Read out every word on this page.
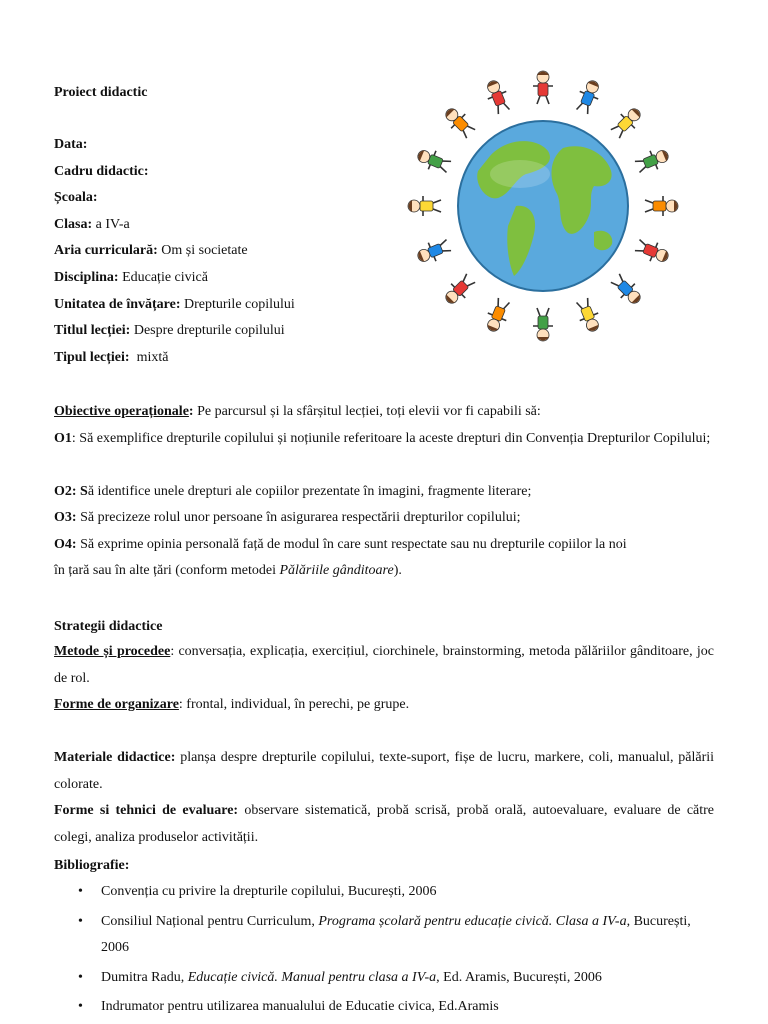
Proiect didactic
Data:
Cadru didactic:
Școala:
Clasa: a IV-a
Aria curriculară: Om și societate
Disciplina: Educație civică
Unitatea de învățare: Drepturile copilului
Titlul lecției: Despre drepturile copilului
Tipul lecției: mixtă
Obiective operaționale: Pe parcursul și la sfârșitul lecției, toți elevii vor fi capabili să:
O1: Să exemplifice drepturile copilului și noțiunile referitoare la aceste drepturi din Convenția Drepturilor Copilului;
O2: Să identifice unele drepturi ale copiilor prezentate în imagini, fragmente literare;
O3: Să precizeze rolul unor persoane în asigurarea respectării drepturilor copilului;
O4: Să exprime opinia personală față de modul în care sunt respectate sau nu drepturile copiilor la noi
în țară sau în alte țări (conform metodei Pălăriile gânditoare).
Strategii didactice
Metode și procedee: conversația, explicația, exercițiul, ciorchinele, brainstorming, metoda pălăriilor gânditoare, joc de rol.
Forme de organizare: frontal, individual, în perechi, pe grupe.
Materiale didactice: planșa despre drepturile copilului, texte-suport, fișe de lucru, markere, coli, manualul, pălării colorate.
Forme si tehnici de evaluare: observare sistematică, probă scrisă, probă orală, autoevaluare, evaluare de către colegi, analiza produselor activității.
Bibliografie:
• Convenția cu privire la drepturile copilului, București, 2006
• Consiliul Național pentru Curriculum, Programa școlară pentru educație civică. Clasa a IV-a, București, 2006
• Dumitra Radu, Educație civică. Manual pentru clasa a IV-a, Ed. Aramis, București, 2006
• Indrumator pentru utilizarea manualului de Educatie civica, Ed.Aramis
